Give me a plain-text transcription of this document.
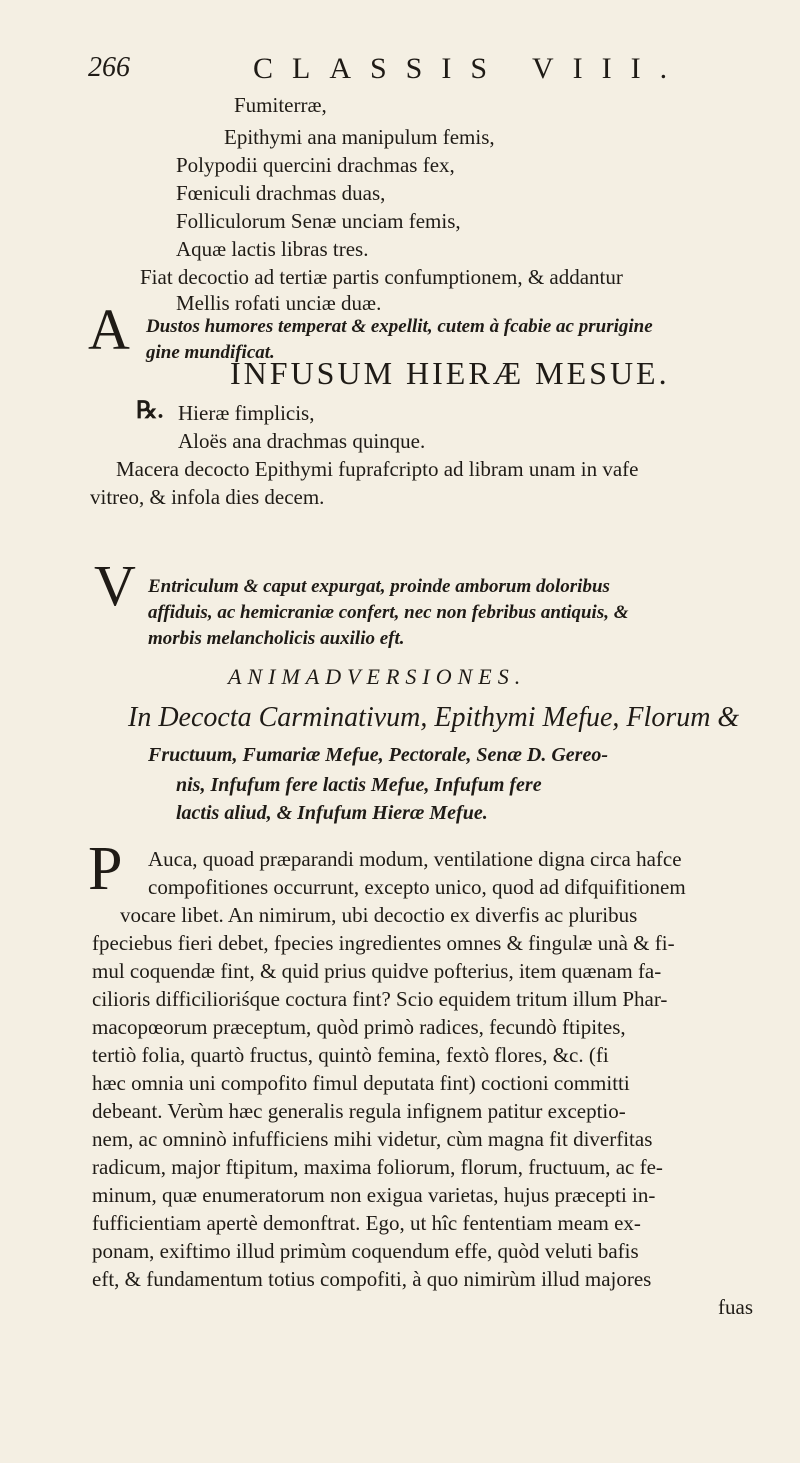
266	CLASSIS VIII.
Fumiterræ,
Epithymi ana manipulum femis,
Polypodii quercini drachmas fex,
Fœniculi drachmas duas,
Folliculorum Senæ unciam femis,
Aquæ lactis libras tres.
Fiat decoctio ad tertiæ partis confumptionem, & addantur
Mellis rofati unciæ duæ.
A Dustos humores temperat & expellit, cutem à fcabie ac prurigine
gine mundificat.
INFUSUM HIERÆ MESUE.
℞. Hieræ fimplicis,
Aloës ana drachmas quinque.
Macera decocto Epithymi fuprafcripto ad libram unam in vafe
vitreo, & infola dies decem.
V Entriculum & caput expurgat, proinde amborum doloribus
affiduis, ac hemicraniæ confert, nec non febribus antiquis, &
morbis melancholicis auxilio eft.
ANIMADVERSIONES.
In Decocta Carminativum, Epithymi Mefue, Florum &
Fructuum, Fumariæ Mefue, Pectorale, Senæ D. Gereo-
nis, Infufum fere lactis Mefue, Infufum fere
lactis aliud, & Infufum Hieræ Mefue.
P Auca, quoad præparandi modum, ventilatione digna circa hafce
compofitiones occurrunt, excepto unico, quod ad difquifitionem
vocare libet. An nimirum, ubi decoctio ex diverfis ac pluribus
fpeciebus fieri debet, fpecies ingredientes omnes & fingulæ unà & fi-
mul coquendæ fint, & quid prius quidve pofterius, item quænam fa-
cilioris difficilioriśque coctura fint? Scio equidem tritum illum Phar-
macopœorum præceptum, quòd primò radices, fecundò ftipites,
tertiò folia, quartò fructus, quintò femina, fextò flores, &c. (fi
hæc omnia uni compofito fimul deputata fint) coctioni committi
debeant. Verùm hæc generalis regula infignem patitur exceptio-
nem, ac omninò infufficiens mihi videtur, cùm magna fit diverfitas
radicum, major ftipitum, maxima foliorum, florum, fructuum, ac fe-
minum, quæ enumeratorum non exigua varietas, hujus præcepti in-
fufficientiam apertè demonftrat. Ego, ut hîc fententiam meam ex-
ponam, exiftimo illud primùm coquendum effe, quòd veluti bafis
eft, & fundamentum totius compofiti, à quo nimirùm illud majores
fuas
